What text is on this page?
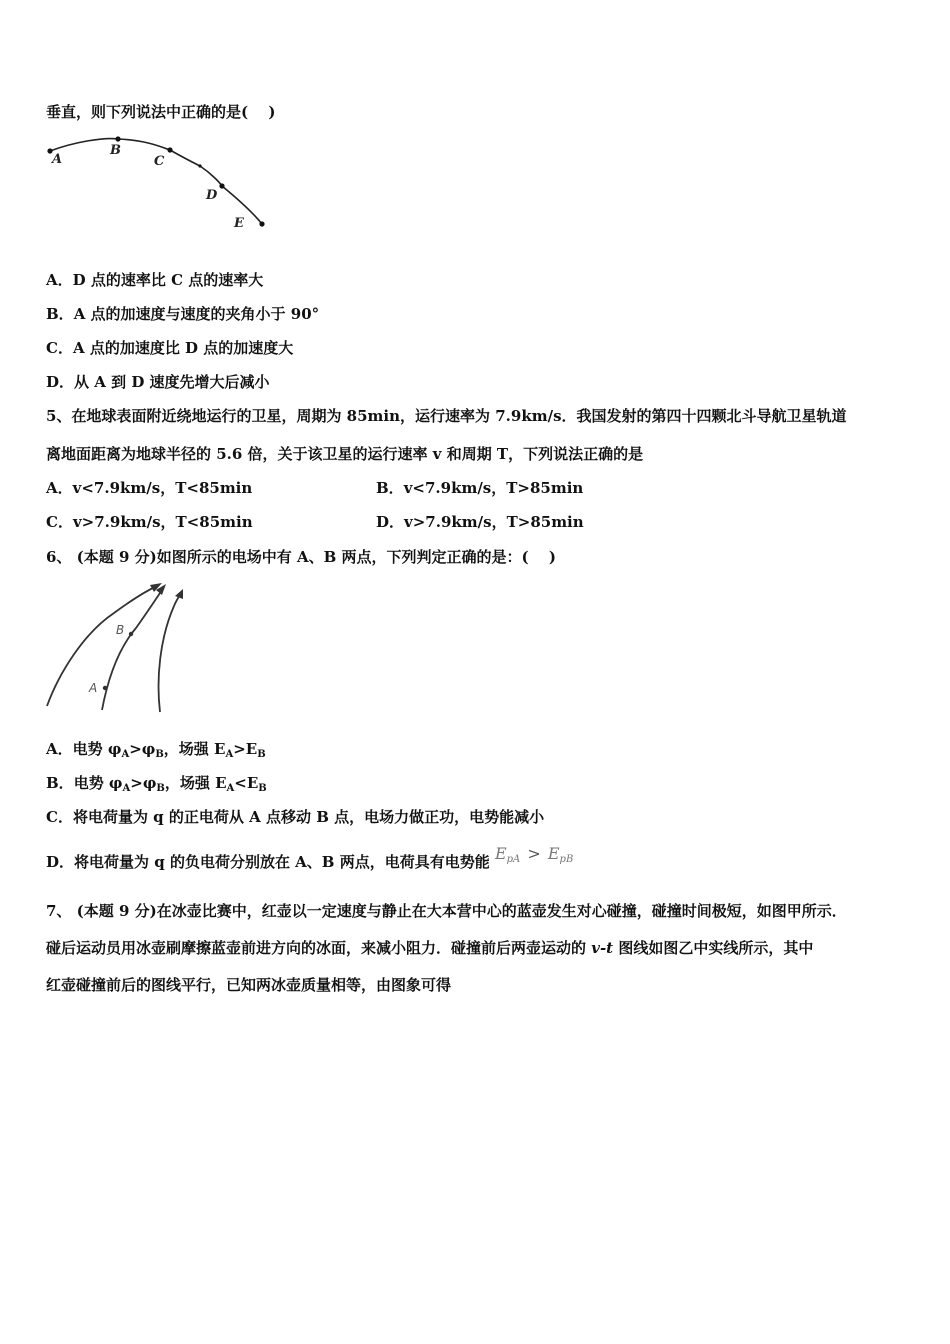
垂直，则下列说法中正确的是(　 )
A
B
C
D
E
A．D 点的速率比 C 点的速率大
B．A 点的加速度与速度的夹角小于 90°
C．A 点的加速度比 D 点的加速度大
D．从 A 到 D 速度先增大后减小
5、在地球表面附近绕地运行的卫星，周期为 85min，运行速率为 7.9km/s．我国发射的第四十四颗北斗导航卫星轨道
离地面距离为地球半径的 5.6 倍，关于该卫星的运行速率 v 和周期 T，下列说法正确的是
A．v<7.9km/s，T<85min	B．v<7.9km/s，T>85min
C．v>7.9km/s，T<85min	D．v>7.9km/s，T>85min
6、 (本题 9 分)如图所示的电场中有 A、B 两点，下列判定正确的是：(　 )
B
A
A．电势 $\varphi_A>\varphi_B$，场强 $E_A>E_B$
B．电势 $\varphi_A>\varphi_B$，场强 $E_A<E_B$
C．将电荷量为 q 的正电荷从 A 点移动 B 点，电场力做正功，电势能减小
D．将电荷量为 q 的负电荷分别放在 A、B 两点，电荷具有电势能 $E_{pA} > E_{pB}$
7、 (本题 9 分)在冰壶比赛中，红壶以一定速度与静止在大本营中心的蓝壶发生对心碰撞，碰撞时间极短，如图甲所示．
碰后运动员用冰壶刷摩擦蓝壶前进方向的冰面，来减小阻力．碰撞前后两壶运动的 v-t 图线如图乙中实线所示，其中
红壶碰撞前后的图线平行，已知两冰壶质量相等，由图象可得
